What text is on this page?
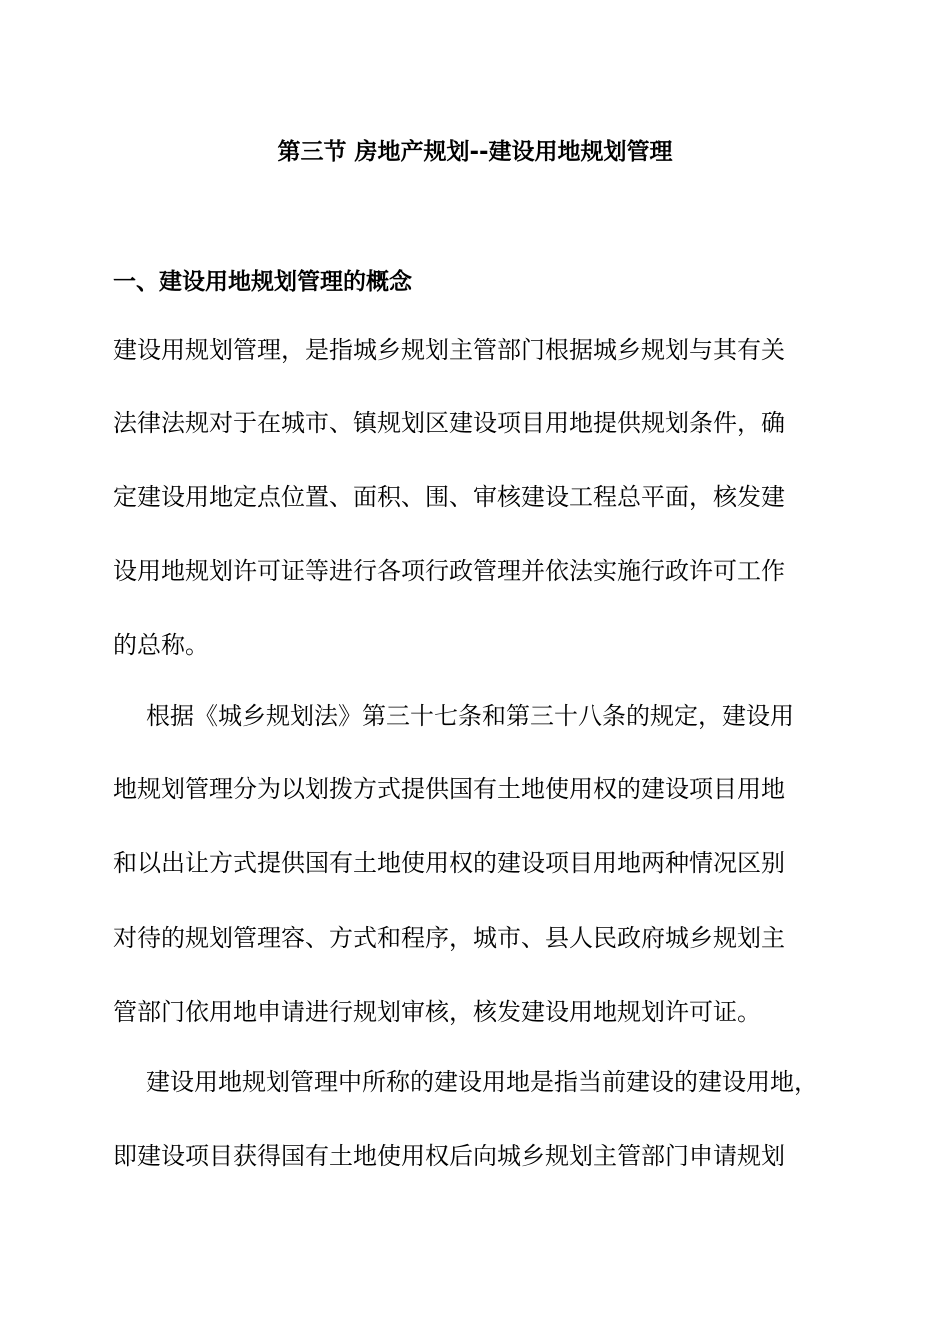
第三节 房地产规划--建设用地规划管理
一、建设用地规划管理的概念
建设用规划管理，是指城乡规划主管部门根据城乡规划与其有关
法律法规对于在城市、镇规划区建设项目用地提供规划条件，确
定建设用地定点位置、面积、围、审核建设工程总平面，核发建
设用地规划许可证等进行各项行政管理并依法实施行政许可工作
的总称。
根据《城乡规划法》第三十七条和第三十八条的规定，建设用
地规划管理分为以划拨方式提供国有土地使用权的建设项目用地
和以出让方式提供国有土地使用权的建设项目用地两种情况区别
对待的规划管理容、方式和程序，城市、县人民政府城乡规划主
管部门依用地申请进行规划审核，核发建设用地规划许可证。
建设用地规划管理中所称的建设用地是指当前建设的建设用地，
即建设项目获得国有土地使用权后向城乡规划主管部门申请规划
